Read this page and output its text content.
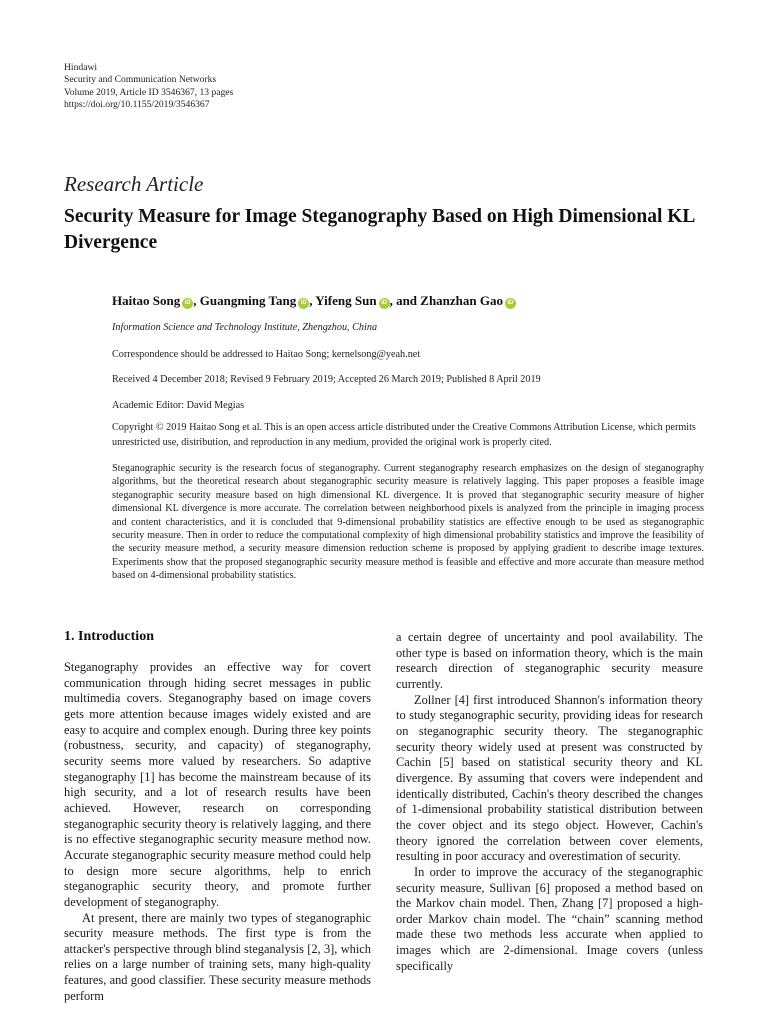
Hindawi
Security and Communication Networks
Volume 2019, Article ID 3546367, 13 pages
https://doi.org/10.1155/2019/3546367
Research Article
Security Measure for Image Steganography Based on High Dimensional KL Divergence
Haitao Song iD , Guangming Tang iD , Yifeng Sun iD , and Zhanzhan Gao iD
Information Science and Technology Institute, Zhengzhou, China
Correspondence should be addressed to Haitao Song; kernelsong@yeah.net
Received 4 December 2018; Revised 9 February 2019; Accepted 26 March 2019; Published 8 April 2019
Academic Editor: David Megias
Copyright © 2019 Haitao Song et al. This is an open access article distributed under the Creative Commons Attribution License, which permits unrestricted use, distribution, and reproduction in any medium, provided the original work is properly cited.
Steganographic security is the research focus of steganography. Current steganography research emphasizes on the design of steganography algorithms, but the theoretical research about steganographic security measure is relatively lagging. This paper proposes a feasible image steganographic security measure based on high dimensional KL divergence. It is proved that steganographic security measure of higher dimensional KL divergence is more accurate. The correlation between neighborhood pixels is analyzed from the principle in imaging process and content characteristics, and it is concluded that 9-dimensional probability statistics are effective enough to be used as steganographic security measure. Then in order to reduce the computational complexity of high dimensional probability statistics and improve the feasibility of the security measure method, a security measure dimension reduction scheme is proposed by applying gradient to describe image textures. Experiments show that the proposed steganographic security measure method is feasible and effective and more accurate than measure method based on 4-dimensional probability statistics.
1. Introduction

Steganography provides an effective way for covert communication through hiding secret messages in public multimedia covers. Steganography based on image covers gets more attention because images widely existed and are easy to acquire and complex enough. During three key points (robustness, security, and capacity) of steganography, security seems more valued by researchers. So adaptive steganography [1] has become the mainstream because of its high security, and a lot of research results have been achieved. However, research on corresponding steganographic security theory is relatively lagging, and there is no effective steganographic security measure method now. Accurate steganographic security measure method could help to design more secure algorithms, help to enrich steganographic security theory, and promote further development of steganography.

At present, there are mainly two types of steganographic security measure methods. The first type is from the attacker's perspective through blind steganalysis [2, 3], which relies on a large number of training sets, many high-quality features, and good classifier. These security measure methods perform

a certain degree of uncertainty and pool availability. The other type is based on information theory, which is the main research direction of steganographic security measure currently.

Zollner [4] first introduced Shannon's information theory to study steganographic security, providing ideas for research on steganographic security theory. The steganographic security theory widely used at present was constructed by Cachin [5] based on statistical security theory and KL divergence. By assuming that covers were independent and identically distributed, Cachin's theory described the changes of 1-dimensional probability statistical distribution between the cover object and its stego object. However, Cachin's theory ignored the correlation between cover elements, resulting in poor accuracy and overestimation of security.

In order to improve the accuracy of the steganographic security measure, Sullivan [6] proposed a method based on the Markov chain model. Then, Zhang [7] proposed a high-order Markov chain model. The “chain” scanning method made these two methods less accurate when applied to images which are 2-dimensional. Image covers (unless specifically
